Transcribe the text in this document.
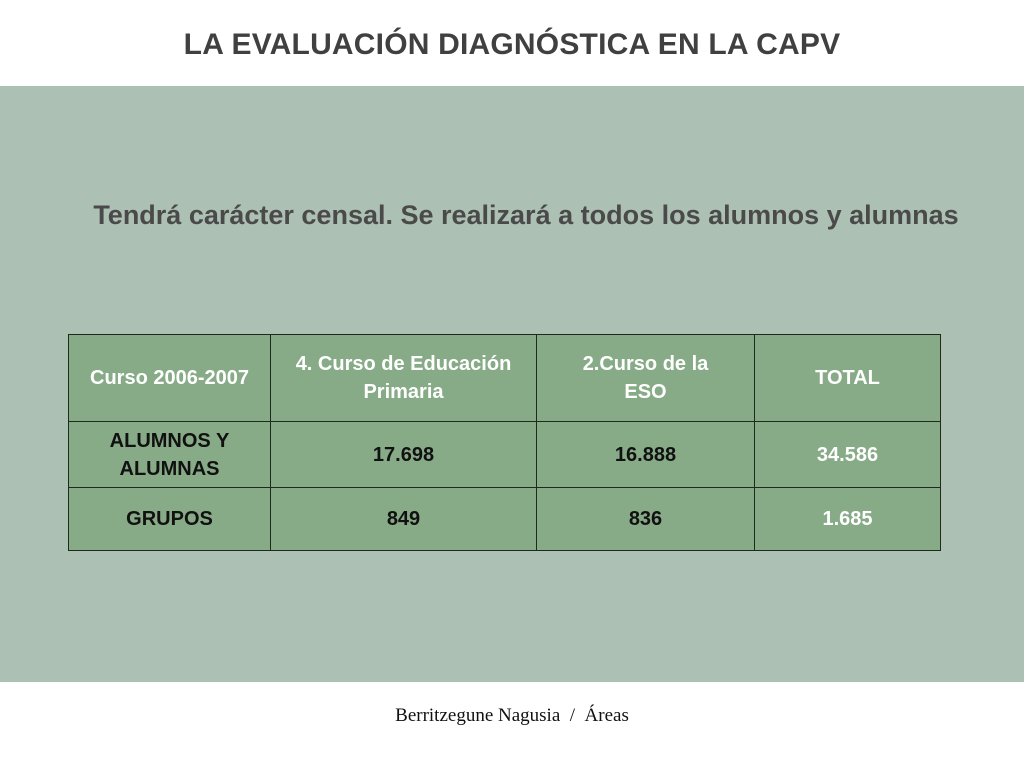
LA EVALUACIÓN DIAGNÓSTICA EN LA CAPV
Tendrá carácter censal. Se realizará a todos los alumnos y alumnas
Curso 2006-2007	4. Curso de Educación Primaria	2.Curso de la ESO	TOTAL
ALUMNOS Y ALUMNAS	17.698	16.888	34.586
GRUPOS	849	836	1.685
Berritzegune Nagusia  /  Áreas
